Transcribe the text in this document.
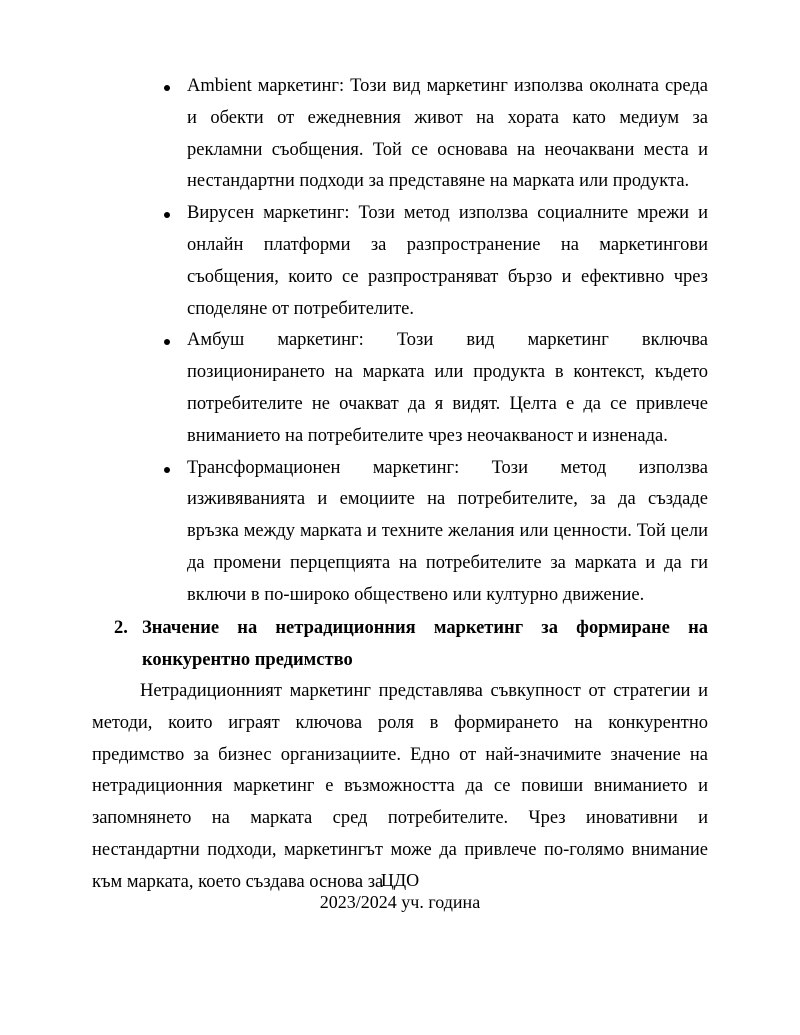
Ambient маркетинг: Този вид маркетинг използва околната среда и обекти от ежедневния живот на хората като медиум за рекламни съобщения. Той се основава на неочаквани места и нестандартни подходи за представяне на марката или продукта.
Вирусен маркетинг: Този метод използва социалните мрежи и онлайн платформи за разпространение на маркетингови съобщения, които се разпространяват бързо и ефективно чрез споделяне от потребителите.
Амбуш маркетинг: Този вид маркетинг включва позиционирането на марката или продукта в контекст, където потребителите не очакват да я видят. Целта е да се привлече вниманието на потребителите чрез неочакваност и изненада.
Трансформационен маркетинг: Този метод използва изживяванията и емоциите на потребителите, за да създаде връзка между марката и техните желания или ценности. Той цели да промени перцепцията на потребителите за марката и да ги включи в по-широко обществено или културно движение.
2. Значение на нетрадиционния маркетинг за формиране на конкурентно предимство

Нетрадиционният маркетинг представлява съвкупност от стратегии и методи, които играят ключова роля в формирането на конкурентно предимство за бизнес организациите. Едно от най-значимите значение на нетрадиционния маркетинг е възможността да се повиши вниманието и запомнянето на марката сред потребителите. Чрез иновативни и нестандартни подходи, маркетингът може да привлече по-голямо внимание към марката, което създава основа за

ЦДО
2023/2024 уч. година
